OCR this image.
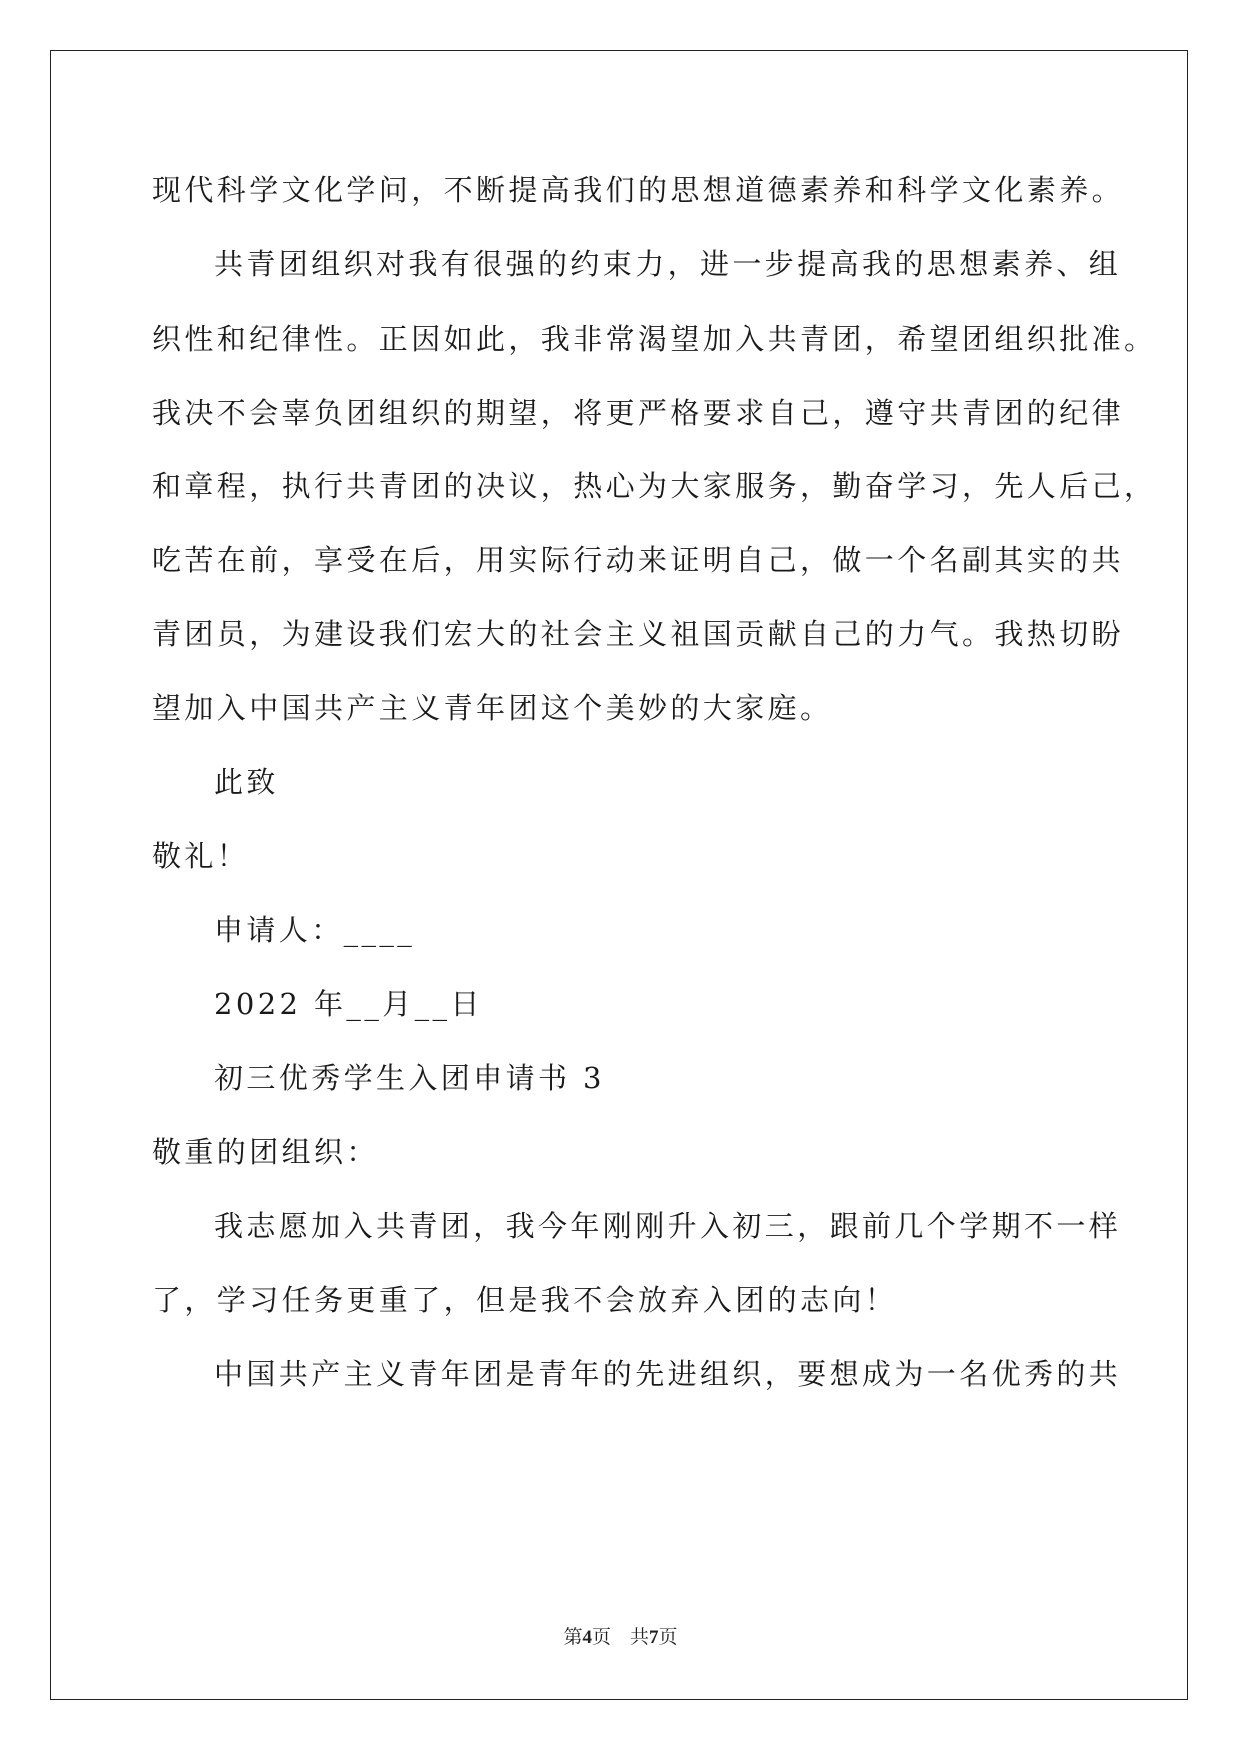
现代科学文化学问，不断提高我们的思想道德素养和科学文化素养。
共青团组织对我有很强的约束力，进一步提高我的思想素养、组
织性和纪律性。正因如此，我非常渴望加入共青团，希望团组织批准。
我决不会辜负团组织的期望，将更严格要求自己，遵守共青团的纪律
和章程，执行共青团的决议，热心为大家服务，勤奋学习，先人后己，
吃苦在前，享受在后，用实际行动来证明自己，做一个名副其实的共
青团员，为建设我们宏大的社会主义祖国贡献自己的力气。我热切盼
望加入中国共产主义青年团这个美妙的大家庭。
此致
敬礼！
申请人：____
2022 年__月__日
初三优秀学生入团申请书 3
敬重的团组织：
我志愿加入共青团，我今年刚刚升入初三，跟前几个学期不一样
了，学习任务更重了，但是我不会放弃入团的志向！
中国共产主义青年团是青年的先进组织，要想成为一名优秀的共
第4页　共7页
